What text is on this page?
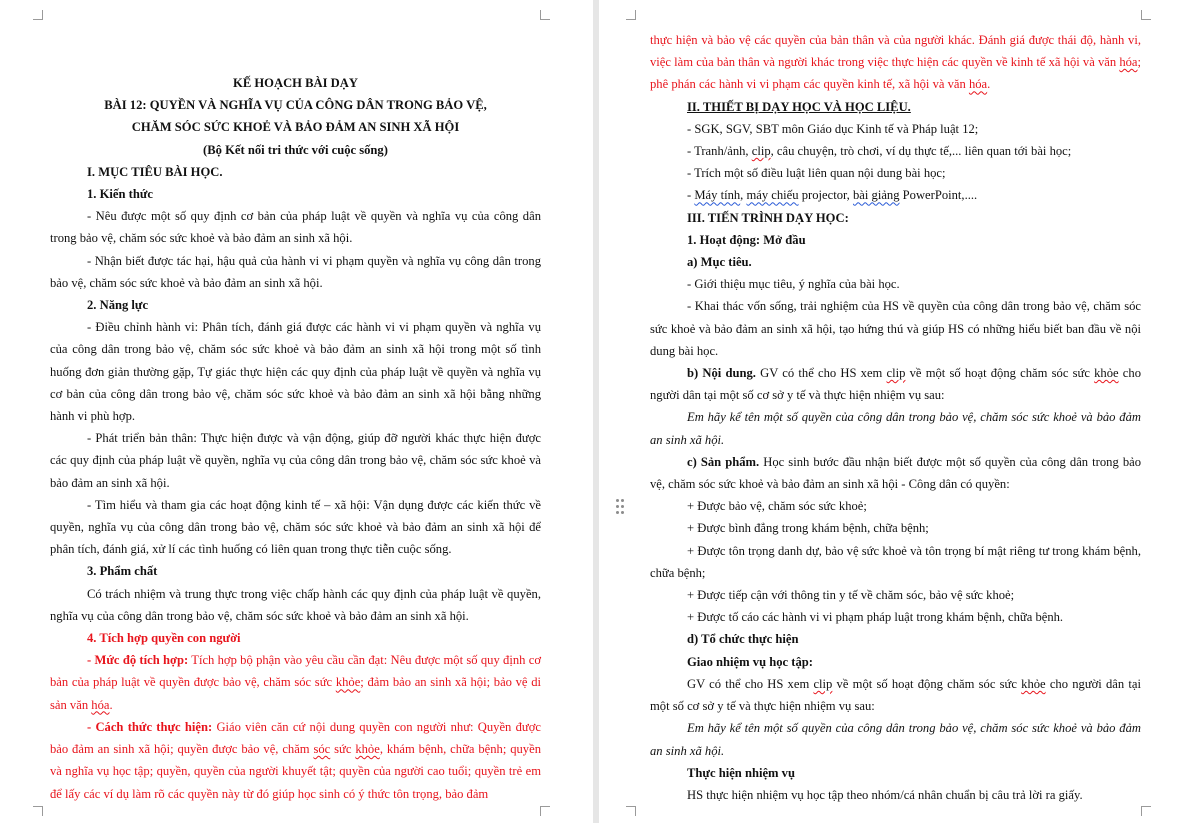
KẾ HOẠCH BÀI DẠY

BÀI 12: QUYỀN VÀ NGHĨA VỤ CỦA CÔNG DÂN TRONG BẢO VỆ,

CHĂM SÓC SỨC KHOẺ VÀ BẢO ĐẢM AN SINH XÃ HỘI

(Bộ Kết nối tri thức với cuộc sống)

I. MỤC TIÊU BÀI HỌC.

1. Kiến thức

- Nêu được một số quy định cơ bản của pháp luật về quyền và nghĩa vụ của công dân trong bảo vệ, chăm sóc sức khoẻ và bảo đảm an sinh xã hội.

- Nhận biết được tác hại, hậu quả của hành vi vi phạm quyền và nghĩa vụ công dân trong bảo vệ, chăm sóc sức khoẻ và bảo đảm an sinh xã hội.

2. Năng lực

- Điều chỉnh hành vi: Phân tích, đánh giá được các hành vi vi phạm quyền và nghĩa vụ của công dân trong bảo vệ, chăm sóc sức khoẻ và bảo đảm an sinh xã hội trong một số tình huống đơn giản thường gặp, Tự giác thực hiện các quy định của pháp luật về quyền và nghĩa vụ cơ bản của công dân trong bảo vệ, chăm sóc sức khoẻ và bảo đảm an sinh xã hội bằng những hành vi phù hợp.

- Phát triển bản thân: Thực hiện được và vận động, giúp đỡ người khác thực hiện được các quy định của pháp luật về quyền, nghĩa vụ của công dân trong bảo vệ, chăm sóc sức khoẻ và bảo đảm an sinh xã hội.

- Tìm hiểu và tham gia các hoạt động kinh tế – xã hội: Vận dụng được các kiến thức về quyền, nghĩa vụ của công dân trong bảo vệ, chăm sóc sức khoẻ và bảo đảm an sinh xã hội để phân tích, đánh giá, xử lí các tình huống có liên quan trong thực tiễn cuộc sống.

3. Phẩm chất

Có trách nhiệm và trung thực trong việc chấp hành các quy định của pháp luật về quyền, nghĩa vụ của công dân trong bảo vệ, chăm sóc sức khoẻ và bảo đảm an sinh xã hội.

4. Tích hợp quyền con người

- Mức độ tích hợp: Tích hợp bộ phận vào yêu cầu cần đạt: Nêu được một số quy định cơ bản của pháp luật về quyền được bảo vệ, chăm sóc sức khỏe; đảm bảo an sinh xã hội; bảo vệ di sản văn hóa.

- Cách thức thực hiện: Giáo viên căn cứ nội dung quyền con người như: Quyền được bảo đảm an sinh xã hội; quyền được bảo vệ, chăm sóc sức khỏe, khám bệnh, chữa bệnh; quyền và nghĩa vụ học tập; quyền, quyền của người khuyết tật; quyền của người cao tuổi; quyền trẻ em để lấy các ví dụ làm rõ các quyền này từ đó giúp học sinh có ý thức tôn trọng, bảo đảm

thực hiện và bảo vệ các quyền của bản thân và của người khác. Đánh giá được thái độ, hành vi, việc làm của bản thân và người khác trong việc thực hiện các quyền về kinh tế xã hội và văn hóa; phê phán các hành vi vi phạm các quyền kinh tế, xã hội và văn hóa.

II. THIẾT BỊ DẠY HỌC VÀ HỌC LIỆU.

- SGK, SGV, SBT môn Giáo dục Kinh tế và Pháp luật 12;

- Tranh/ảnh, clip, câu chuyện, trò chơi, ví dụ thực tế,... liên quan tới bài học;

- Trích một số điều luật liên quan nội dung bài học;

- Máy tính, máy chiếu projector, bài giảng PowerPoint,....

III. TIẾN TRÌNH DẠY HỌC:

1. Hoạt động: Mở đầu

a) Mục tiêu.

- Giới thiệu mục tiêu, ý nghĩa của bài học.

- Khai thác vốn sống, trải nghiệm của HS về quyền của công dân trong bảo vệ, chăm sóc sức khoẻ và bảo đảm an sinh xã hội, tạo hứng thú và giúp HS có những hiểu biết ban đầu về nội dung bài học.

b) Nội dung. GV có thể cho HS xem clip về một số hoạt động chăm sóc sức khỏe cho người dân tại một số cơ sở y tế và thực hiện nhiệm vụ sau:

Em hãy kể tên một số quyền của công dân trong bảo vệ, chăm sóc sức khoẻ và bảo đảm an sinh xã hội.

c) Sản phẩm. Học sinh bước đầu nhận biết được một số quyền của công dân trong bảo vệ, chăm sóc sức khoẻ và bảo đảm an sinh xã hội - Công dân có quyền:

+ Được bảo vệ, chăm sóc sức khoẻ;

+ Được bình đẳng trong khám bệnh, chữa bệnh;

+ Được tôn trọng danh dự, bảo vệ sức khoẻ và tôn trọng bí mật riêng tư trong khám bệnh, chữa bệnh;

+ Được tiếp cận với thông tin y tế về chăm sóc, bảo vệ sức khoẻ;

+ Được tố cáo các hành vi vi phạm pháp luật trong khám bệnh, chữa bệnh.

d) Tổ chức thực hiện

Giao nhiệm vụ học tập:

GV có thể cho HS xem clip về một số hoạt động chăm sóc sức khỏe cho người dân tại một số cơ sở y tế và thực hiện nhiệm vụ sau:

Em hãy kể tên một số quyền của công dân trong bảo vệ, chăm sóc sức khoẻ và bảo đảm an sinh xã hội.

Thực hiện nhiệm vụ

HS thực hiện nhiệm vụ học tập theo nhóm/cá nhân chuẩn bị câu trả lời ra giấy.
